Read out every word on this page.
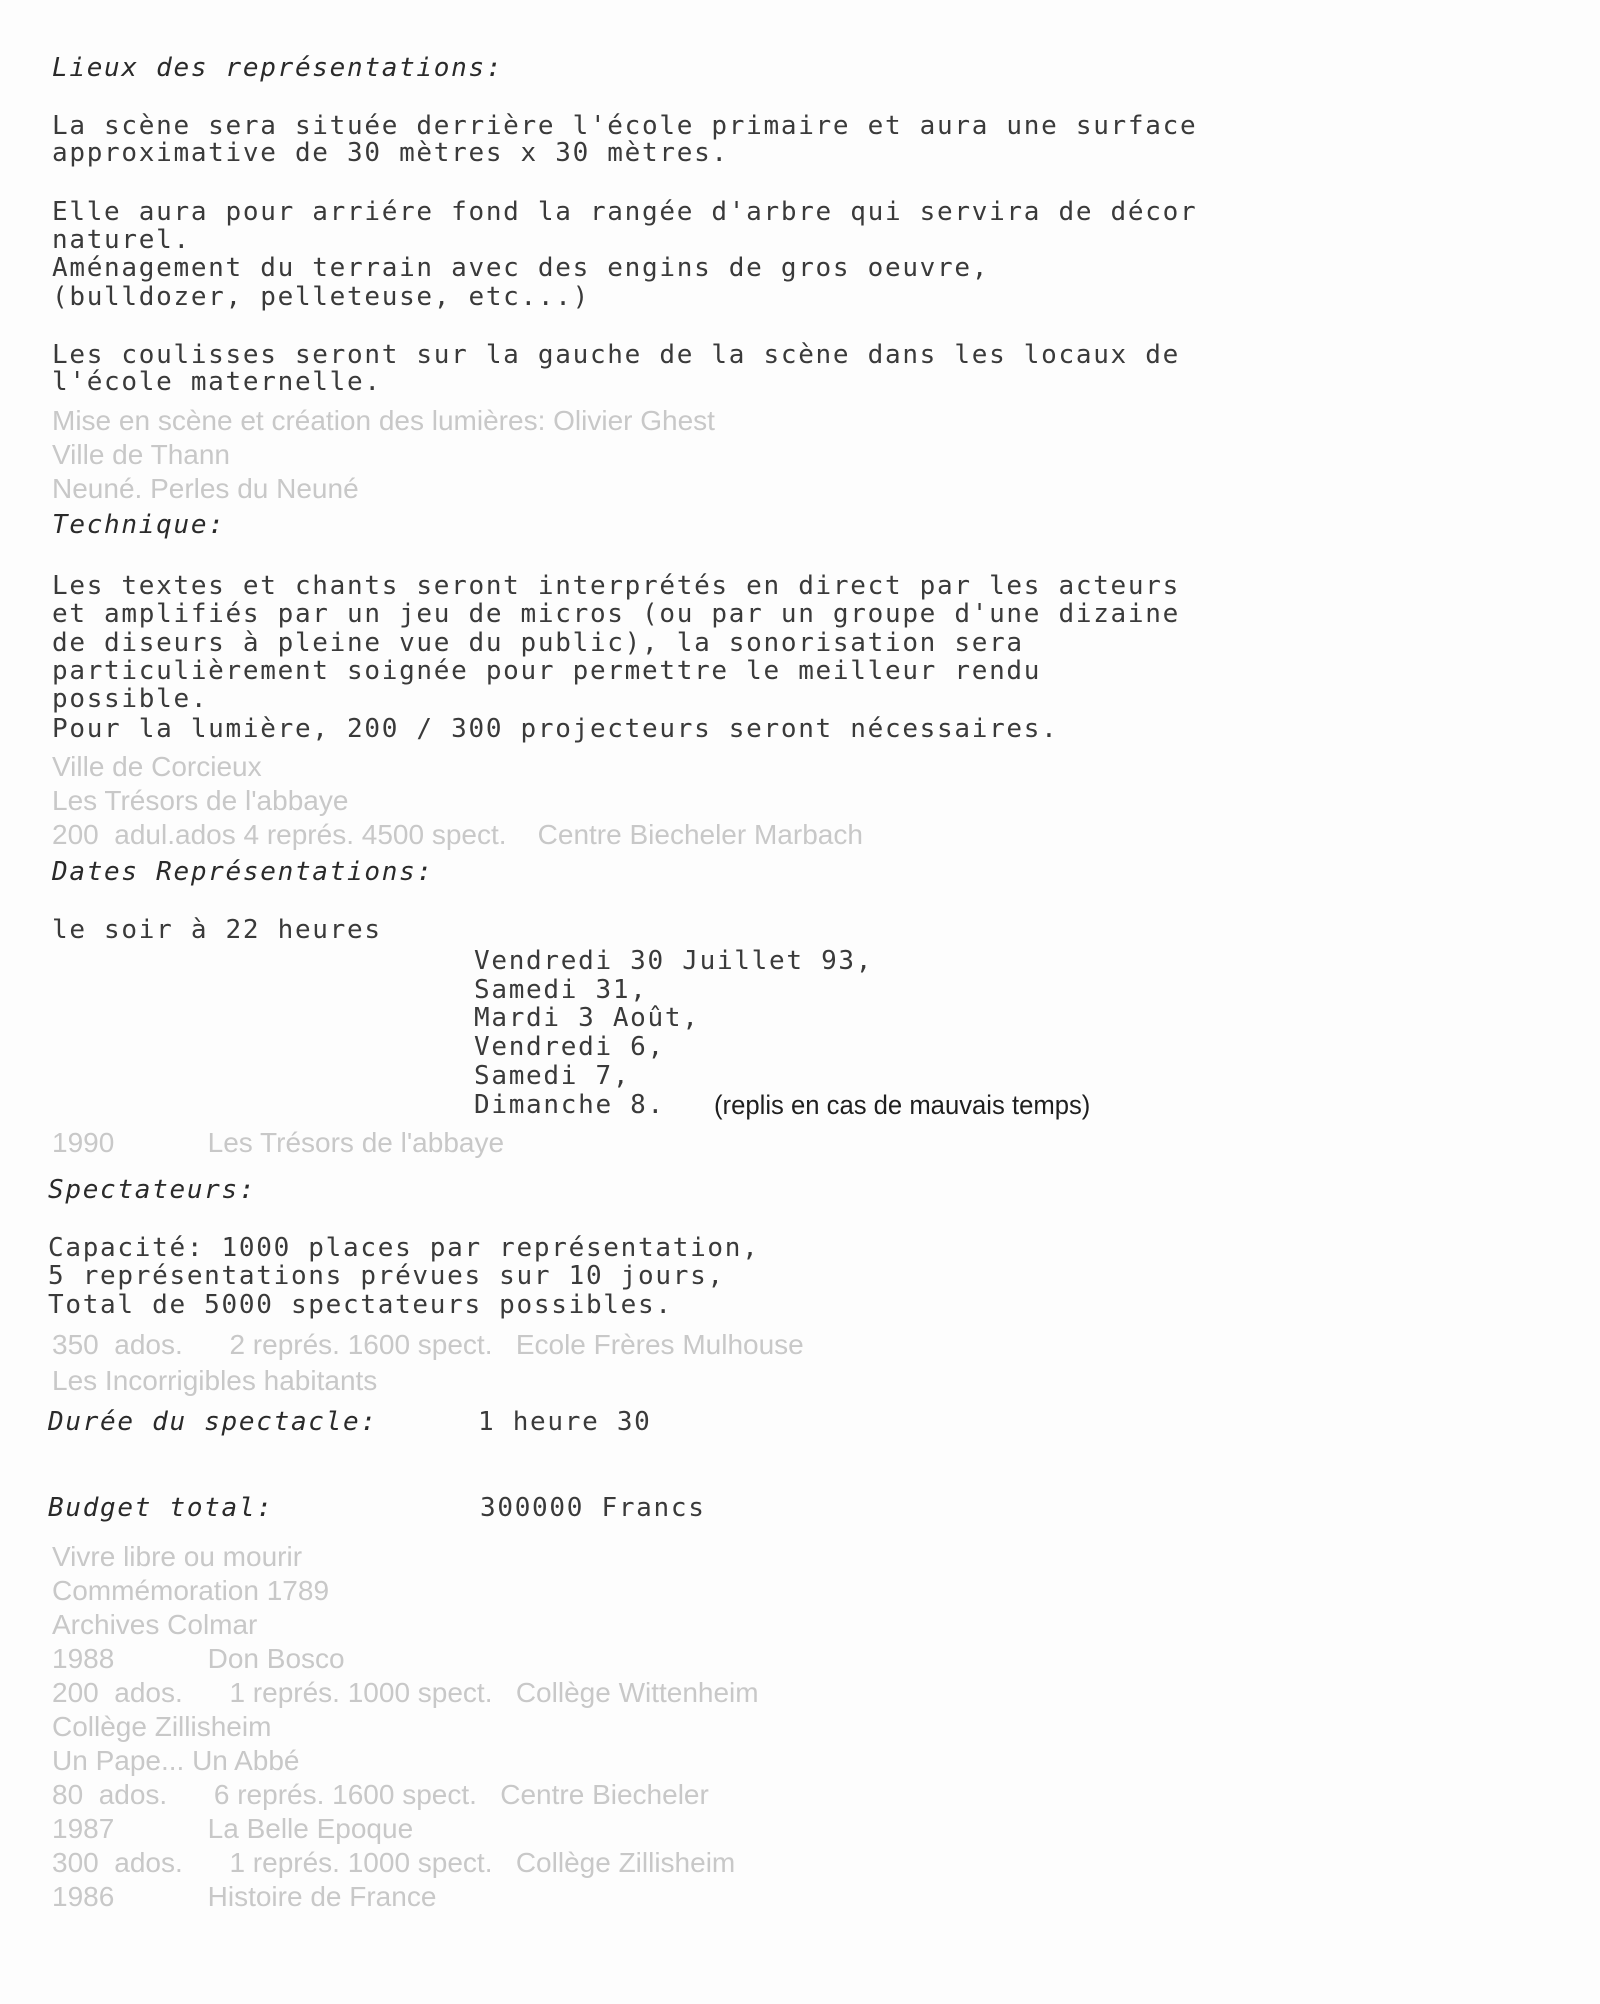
Mise en scène et création des lumières: Olivier Ghest
Ville de Thann
Neuné. Perles du Neuné
Ville de Corcieux
Les Trésors de l'abbaye
200  adul.ados 4 représ. 4500 spect.    Centre Biecheler Marbach
1990            Les Trésors de l'abbaye
350  ados.      2 représ. 1600 spect.   Ecole Frères Mulhouse
Les Incorrigibles habitants
Vivre libre ou mourir
Commémoration 1789
Archives Colmar
1988            Don Bosco
200  ados.      1 représ. 1000 spect.   Collège Wittenheim
Collège Zillisheim
Un Pape... Un Abbé
80  ados.      6 représ. 1600 spect.   Centre Biecheler
1987            La Belle Epoque
300  ados.      1 représ. 1000 spect.   Collège Zillisheim
1986            Histoire de France
Lieux des représentations:
La scène sera située derrière l'école primaire et aura une surface
approximative de 30 mètres x 30 mètres.
Elle aura pour arriére fond la rangée d'arbre qui servira de décor
naturel.
Aménagement du terrain avec des engins de gros oeuvre,
(bulldozer, pelleteuse, etc...)
Les coulisses seront sur la gauche de la scène dans les locaux de
l'école maternelle.
Technique:
Les textes et chants seront interprétés en direct par les acteurs
et amplifiés par un jeu de micros (ou par un groupe d'une dizaine
de diseurs à pleine vue du public), la sonorisation sera
particulièrement soignée pour permettre le meilleur rendu
possible.
Pour la lumière, 200 / 300 projecteurs seront nécessaires.
Dates Représentations:
le soir à 22 heures
Vendredi 30 Juillet 93,
Samedi 31,
Mardi 3 Août,
Vendredi 6,
Samedi 7,
Dimanche 8. (replis en cas de mauvais temps)
Spectateurs:
Capacité: 1000 places par représentation,
5 représentations prévues sur 10 jours,
Total de 5000 spectateurs possibles.
Durée du spectacle:	1 heure 30
Budget total:	300000 Francs
